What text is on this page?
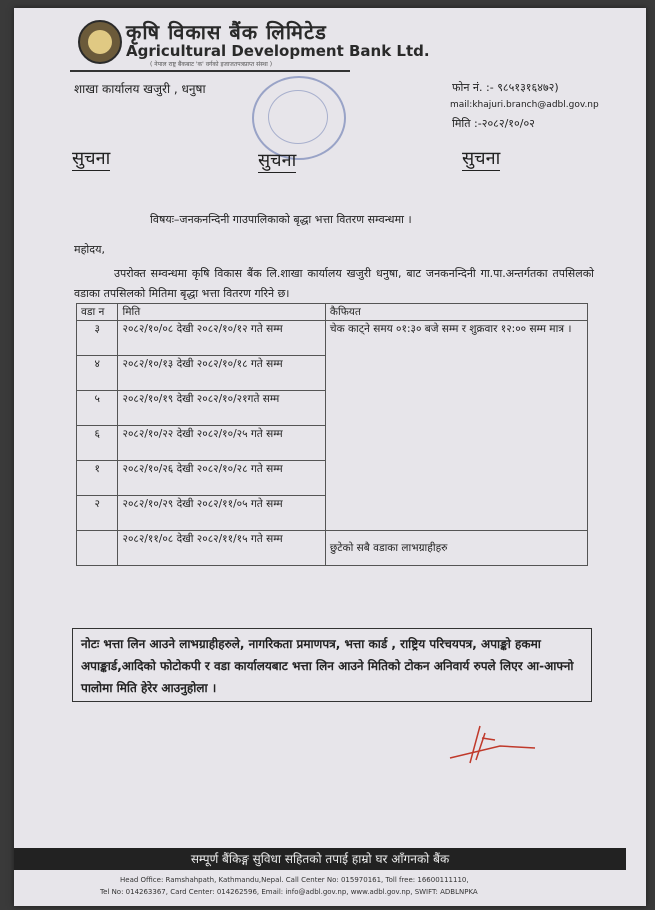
कृषि विकास बैंक लिमिटेड
Agricultural Development Bank Ltd.
( नेपाल राष्ट्र बैंकबाट 'क' वर्गको इजाजतपत्रप्राप्त संस्था )
शाखा कार्यालय खजुरी , धनुषा	फोन नं. :- ९८५१३१६४७२)
mail:khajuri.branch@adbl.gov.np
मिति :-२०८२/१०/०२
सुचना	सुचना	सुचना
विषयः–जनकनन्दिनी गाउपालिकाको बृद्धा भत्ता वितरण सम्वन्धमा ।
महोदय,
उपरोक्त सम्वन्धमा कृषि विकास बैंक लि.शाखा कार्यालय खजुरी धनुषा, बाट जनकनन्दिनी गा.पा.अन्तर्गतका तपसिलको वडाका तपसिलको मितिमा बृद्धा भत्ता वितरण गरिने छ।
वडा न	मिति	कैफियत
३	२०८२/१०/०८ देखी २०८२/१०/१२ गते सम्म	चेक काट्ने समय ०१:३० बजे सम्म र शुक्रवार १२:०० सम्म मात्र ।
४	२०८२/१०/१३ देखी २०८२/१०/१८ गते सम्म	
५	२०८२/१०/१९ देखी २०८२/१०/२१गते सम्म	
६	२०८२/१०/२२ देखी २०८२/१०/२५ गते सम्म	
१	२०८२/१०/२६ देखी २०८२/१०/२८ गते सम्म	
२	२०८२/१०/२९ देखी २०८२/११/०५ गते सम्म	
	२०८२/११/०८ देखी २०८२/११/१५ गते सम्म	छुटेको सबै वडाका लाभग्राहीहरु
नोटः भत्ता लिन आउने लाभग्राहीहरुले, नागरिकता प्रमाणपत्र, भत्ता कार्ड , राष्ट्रिय परिचयपत्र, अपाङ्को हकमा अपाङ्कार्ड,आदिको फोटोकपी र वडा कार्यालयबाट भत्ता लिन आउने मितिको टोकन अनिवार्य रुपले लिएर आ-आफ्नो पालोमा मिति हेरेर आउनुहोला ।
सम्पूर्ण बैंकिङ्ग सुविधा सहितको तपाई हाम्रो घर आँगनको बैंक
Head Office: Ramshahpath, Kathmandu,Nepal. Call Center No: 015970161, Toll free: 16600111110,
Tel No: 014263367, Card Center: 014262596, Email: info@adbl.gov.np, www.adbl.gov.np, SWIFT: ADBLNPKA
